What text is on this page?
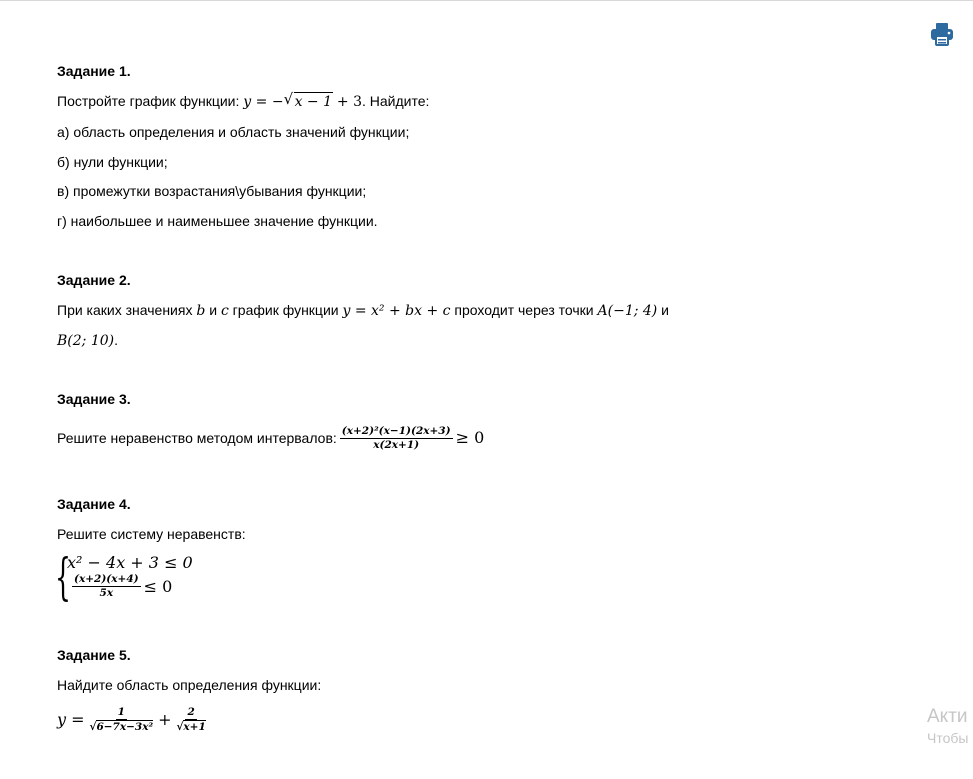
Задание 1.
Постройте график функции: y = − √ x − 1 + 3. Найдите:
а) область определения и область значений функции;
б) нули функции;
в) промежутки возрастания\убывания функции;
г) наибольшее и наименьшее значение функции.
Задание 2.
При каких значениях b и c график функции y = x² + bx + c проходит через точки A(−1; 4) и
B(2; 10).
Задание 3.
Решите неравенство методом интервалов: $\frac{\text{(x+2)²(x−1)(2x+3)}}{x(2x+1)} \ge 0$
Задание 4.
Решите систему неравенств:
{
x² − 4x + 3 ≤ 0
$\frac{(x+2)(x+4)}{5x} \le 0$
Задание 5.
Найдите область определения функции:
$y = \frac{1}{\text{√ 6−7x−3x²}} + \frac{2}{√ x+1}$	Акти
Чтобы
